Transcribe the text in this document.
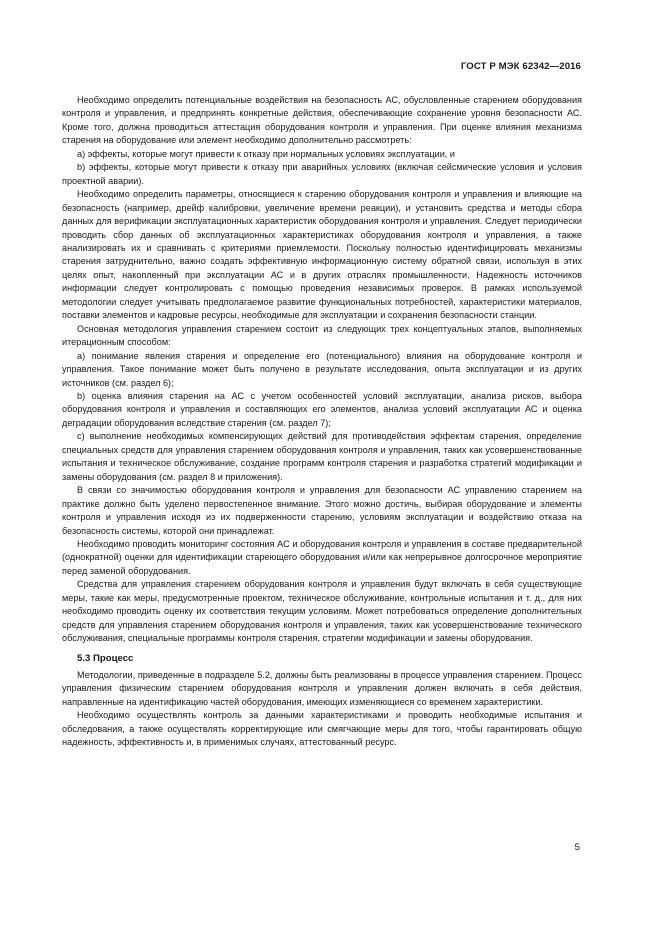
ГОСТ Р МЭК 62342—2016

Необходимо определить потенциальные воздействия на безопасность АС, обусловленные старением оборудования контроля и управления, и предпринять конкретные действия, обеспечивающие сохранение уровня безопасности АС. Кроме того, должна проводиться аттестация оборудования контроля и управления. При оценке влияния механизма старения на оборудование или элемент необходимо дополнительно рассмотреть:

a) эффекты, которые могут привести к отказу при нормальных условиях эксплуатации, и

b) эффекты, которые могут привести к отказу при аварийных условиях (включая сейсмические условия и условия проектной аварии).

Необходимо определить параметры, относящиеся к старению оборудования контроля и управления и влияющие на безопасность (например, дрейф калибровки, увеличение времени реакции), и установить средства и методы сбора данных для верификации эксплуатационных характеристик оборудования контроля и управления. Следует периодически проводить сбор данных об эксплуатационных характеристиках оборудования контроля и управления, а также анализировать их и сравнивать с критериями приемлемости. Поскольку полностью идентифицировать механизмы старения затруднительно, важно создать эффективную информационную систему обратной связи, используя в этих целях опыт, накопленный при эксплуатации АС и в других отраслях промышленности. Надежность источников информации следует контролировать с помощью проведения независимых проверок. В рамках используемой методологии следует учитывать предполагаемое развитие функциональных потребностей, характеристики материалов, поставки элементов и кадровые ресурсы, необходимые для эксплуатации и сохранения безопасности станции.

Основная методология управления старением состоит из следующих трех концептуальных этапов, выполняемых итерационным способом:

a) понимание явления старения и определение его (потенциального) влияния на оборудование контроля и управления. Такое понимание может быть получено в результате исследования, опыта эксплуатации и из других источников (см. раздел 6);

b) оценка влияния старения на АС с учетом особенностей условий эксплуатации, анализа рисков, выбора оборудования контроля и управления и составляющих его элементов, анализа условий эксплуатации АС и оценка деградации оборудования вследствие старения (см. раздел 7);

c) выполнение необходимых компенсирующих действий для противодействия эффектам старения, определение специальных средств для управления старением оборудования контроля и управления, таких как усовершенствованные испытания и техническое обслуживание, создание программ контроля старения и разработка стратегий модификации и замены оборудования (см. раздел 8 и приложения).

В связи со значимостью оборудования контроля и управления для безопасности АС управлению старением на практике должно быть уделено первостепенное внимание. Этого можно достичь, выбирая оборудование и элементы контроля и управления исходя из их подверженности старению, условиям эксплуатации и воздействию отказа на безопасность системы, которой они принадлежат.

Необходимо проводить мониторинг состояния АС и оборудования контроля и управления в составе предварительной (однократной) оценки для идентификации стареющего оборудования и/или как непрерывное долгосрочное мероприятие перед заменой оборудования.

Средства для управления старением оборудования контроля и управления будут включать в себя существующие меры, такие как меры, предусмотренные проектом, техническое обслуживание, контрольные испытания и т. д., для них необходимо проводить оценку их соответствия текущим условиям. Может потребоваться определение дополнительных средств для управления старением оборудования контроля и управления, таких как усовершенствование технического обслуживания, специальные программы контроля старения, стратегии модификации и замены оборудования.

5.3 Процесс

Методологии, приведенные в подразделе 5.2, должны быть реализованы в процессе управления старением. Процесс управления физическим старением оборудования контроля и управления должен включать в себя действия, направленные на идентификацию частей оборудования, имеющих изменяющиеся со временем характеристики.

Необходимо осуществлять контроль за данными характеристиками и проводить необходимые испытания и обследования, а также осуществлять корректирующие или смягчающие меры для того, чтобы гарантировать общую надежность, эффективность и, в применимых случаях, аттестованный ресурс.

5
